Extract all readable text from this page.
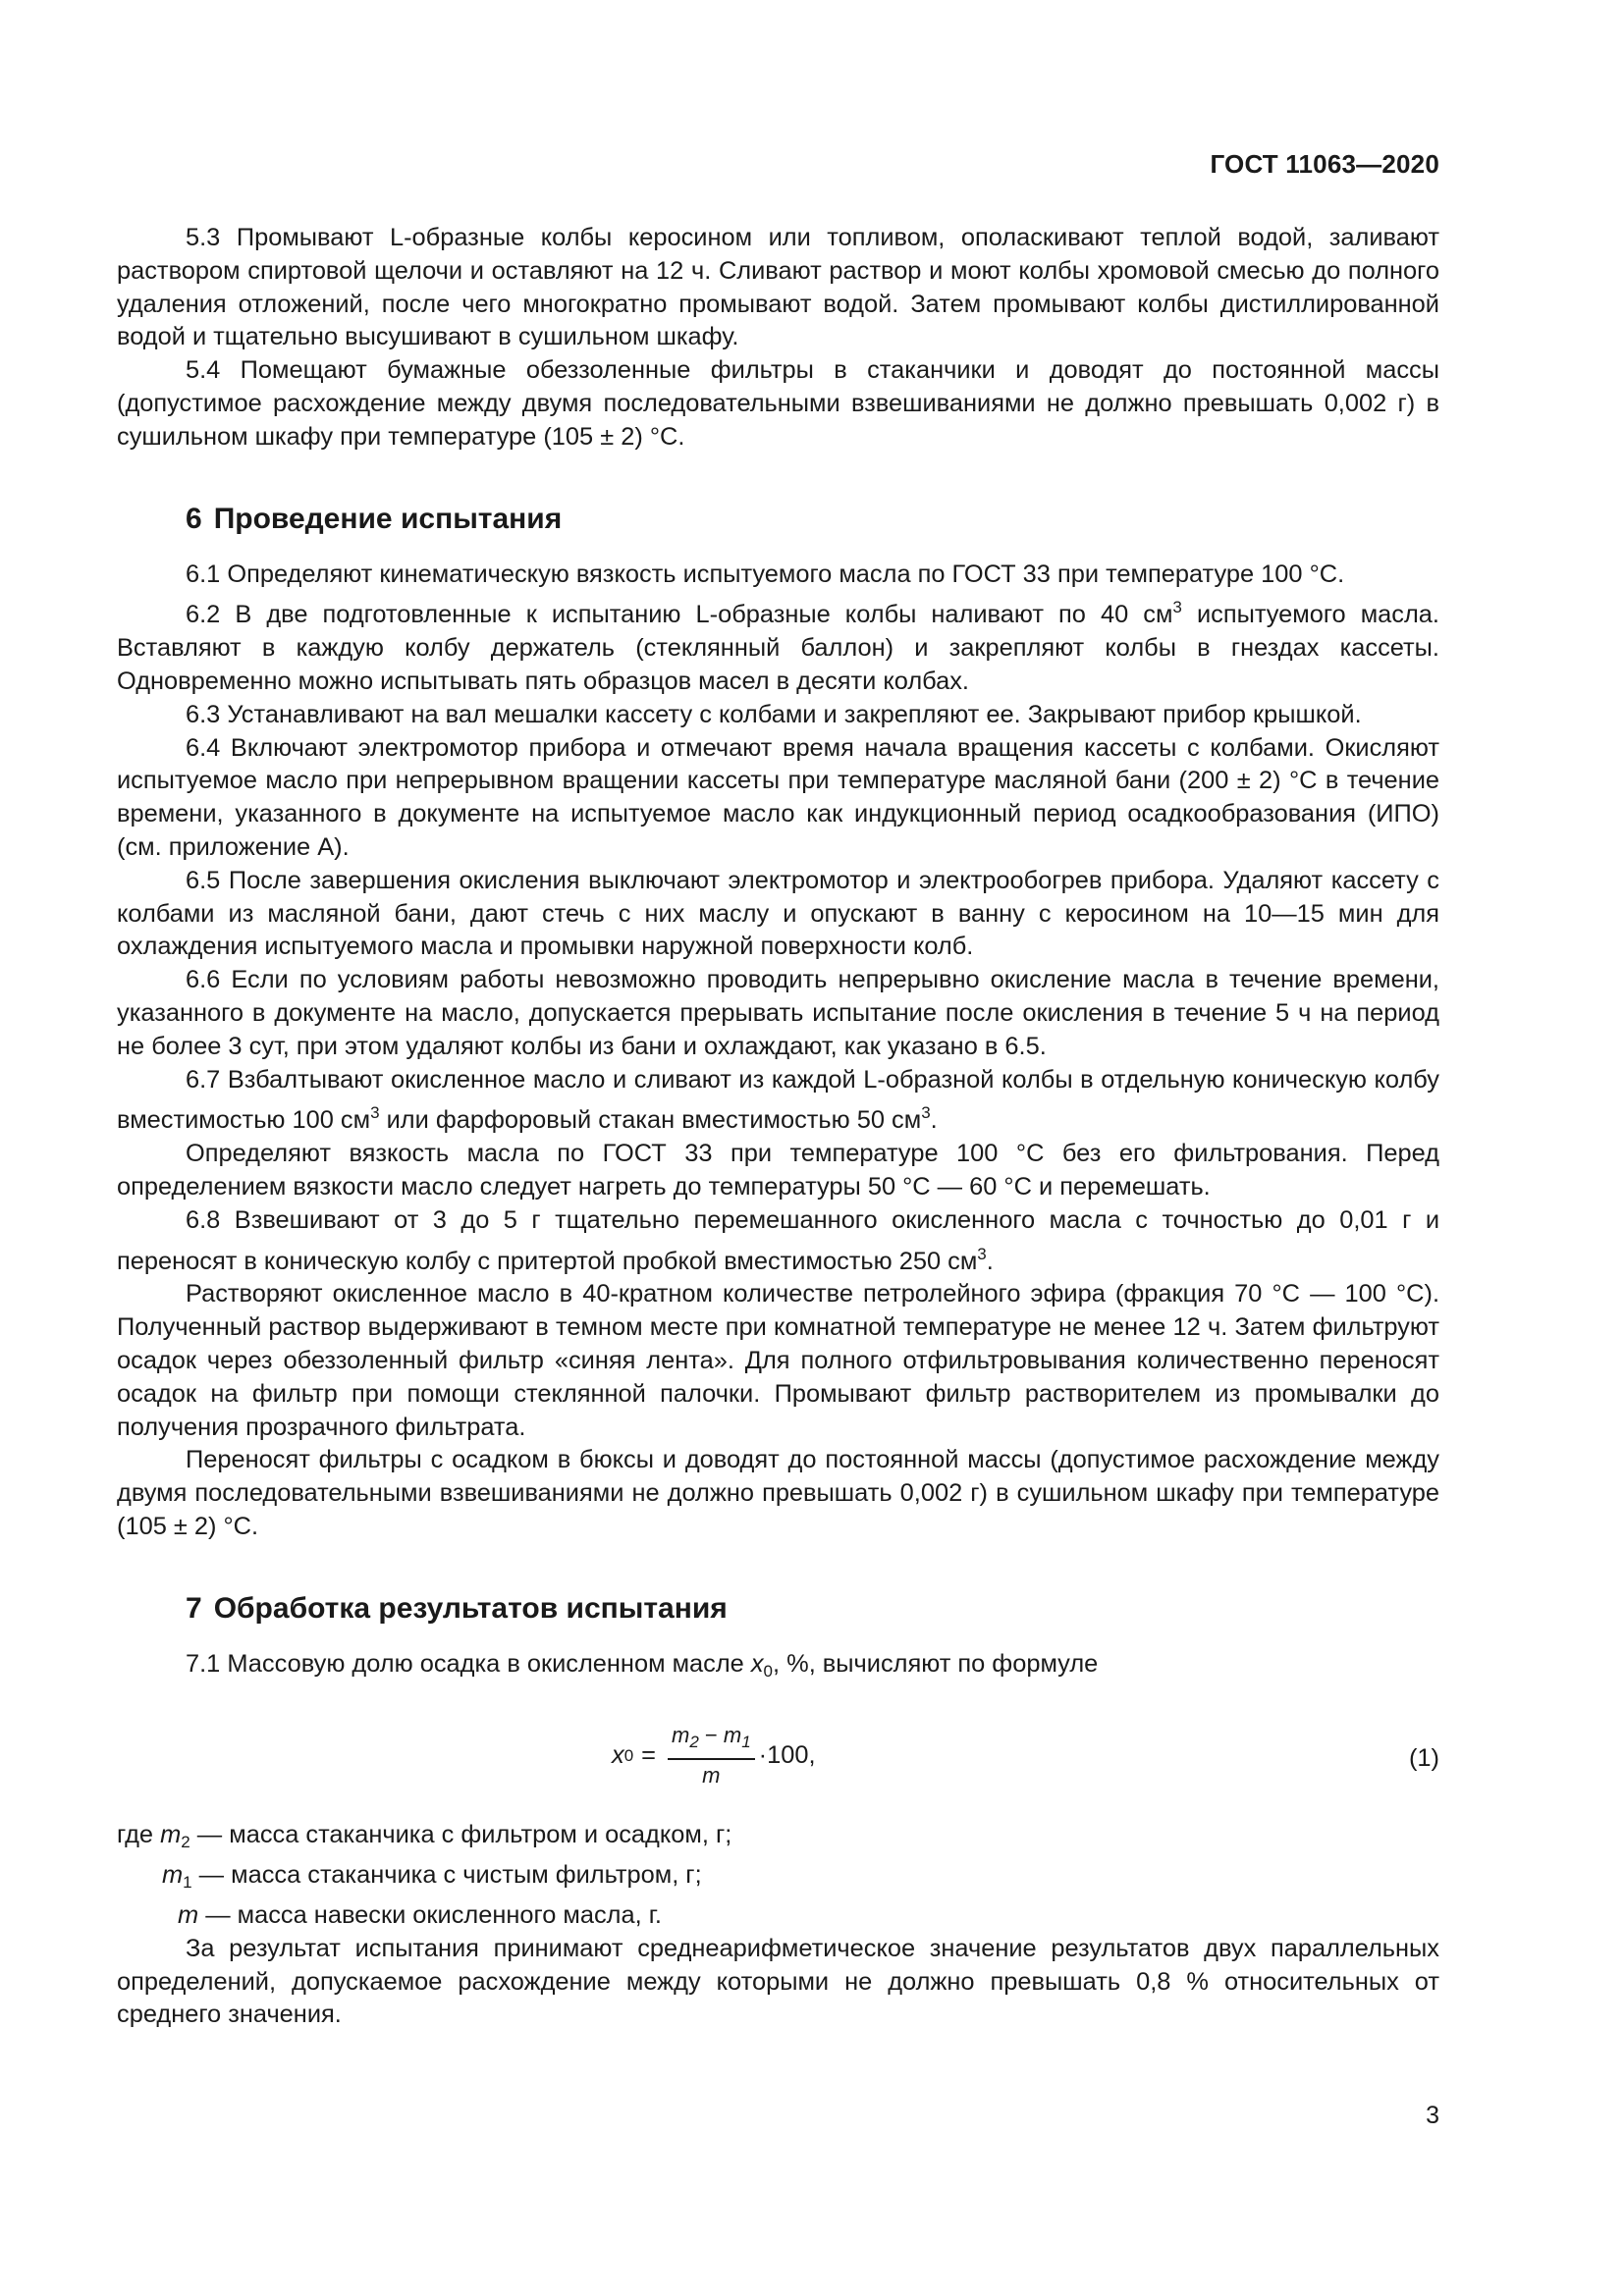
ГОСТ 11063—2020

5.3 Промывают L-образные колбы керосином или топливом, ополаскивают теплой водой, заливают раствором спиртовой щелочи и оставляют на 12 ч. Сливают раствор и моют колбы хромовой смесью до полного удаления отложений, после чего многократно промывают водой. Затем промывают колбы дистиллированной водой и тщательно высушивают в сушильном шкафу.

5.4 Помещают бумажные обеззоленные фильтры в стаканчики и доводят до постоянной массы (допустимое расхождение между двумя последовательными взвешиваниями не должно превышать 0,002 г) в сушильном шкафу при температуре (105 ± 2) °С.

6 Проведение испытания

6.1 Определяют кинематическую вязкость испытуемого масла по ГОСТ 33 при температуре 100 °С.

6.2 В две подготовленные к испытанию L-образные колбы наливают по 40 $см^3$ испытуемого масла. Вставляют в каждую колбу держатель (стеклянный баллон) и закрепляют колбы в гнездах кассеты. Одновременно можно испытывать пять образцов масел в десяти колбах.

6.3 Устанавливают на вал мешалки кассету с колбами и закрепляют ее. Закрывают прибор крышкой.

6.4 Включают электромотор прибора и отмечают время начала вращения кассеты с колбами. Окисляют испытуемое масло при непрерывном вращении кассеты при температуре масляной бани (200 ± 2) °С в течение времени, указанного в документе на испытуемое масло как индукционный период осадкообразования (ИПО) (см. приложение А).

6.5 После завершения окисления выключают электромотор и электрообогрев прибора. Удаляют кассету с колбами из масляной бани, дают стечь с них маслу и опускают в ванну с керосином на 10—15 мин для охлаждения испытуемого масла и промывки наружной поверхности колб.

6.6 Если по условиям работы невозможно проводить непрерывно окисление масла в течение времени, указанного в документе на масло, допускается прерывать испытание после окисления в течение 5 ч на период не более 3 сут, при этом удаляют колбы из бани и охлаждают, как указано в 6.5.

6.7 Взбалтывают окисленное масло и сливают из каждой L-образной колбы в отдельную коническую колбу вместимостью 100 $см^3$ или фарфоровый стакан вместимостью 50 $см^3$.

Определяют вязкость масла по ГОСТ 33 при температуре 100 °С без его фильтрования. Перед определением вязкости масло следует нагреть до температуры 50 °С — 60 °С и перемешать.

6.8 Взвешивают от 3 до 5 г тщательно перемешанного окисленного масла с точностью до 0,01 г и переносят в коническую колбу с притертой пробкой вместимостью 250 $см^3$.

Растворяют окисленное масло в 40-кратном количестве петролейного эфира (фракция 70 °С — 100 °С). Полученный раствор выдерживают в темном месте при комнатной температуре не менее 12 ч. Затем фильтруют осадок через обеззоленный фильтр «синяя лента». Для полного отфильтровывания количественно переносят осадок на фильтр при помощи стеклянной палочки. Промывают фильтр растворителем из промывалки до получения прозрачного фильтрата.

Переносят фильтры с осадком в бюксы и доводят до постоянной массы (допустимое расхождение между двумя последовательными взвешиваниями не должно превышать 0,002 г) в сушильном шкафу при температуре (105 ± 2) °С.

7 Обработка результатов испытания

7.1 Массовую долю осадка в окисленном масле $x_0$, %, вычисляют по формуле

x $0 = \frac{m_2 - m_1}{m} \cdot 100$,	(1)
где $m_2$ — масса стаканчика с фильтром и осадком, г;
$m_1$ — масса стаканчика с чистым фильтром, г;
m — масса навески окисленного масла, г.

За результат испытания принимают среднеарифметическое значение результатов двух параллельных определений, допускаемое расхождение между которыми не должно превышать 0,8 % относительных от среднего значения.

3
